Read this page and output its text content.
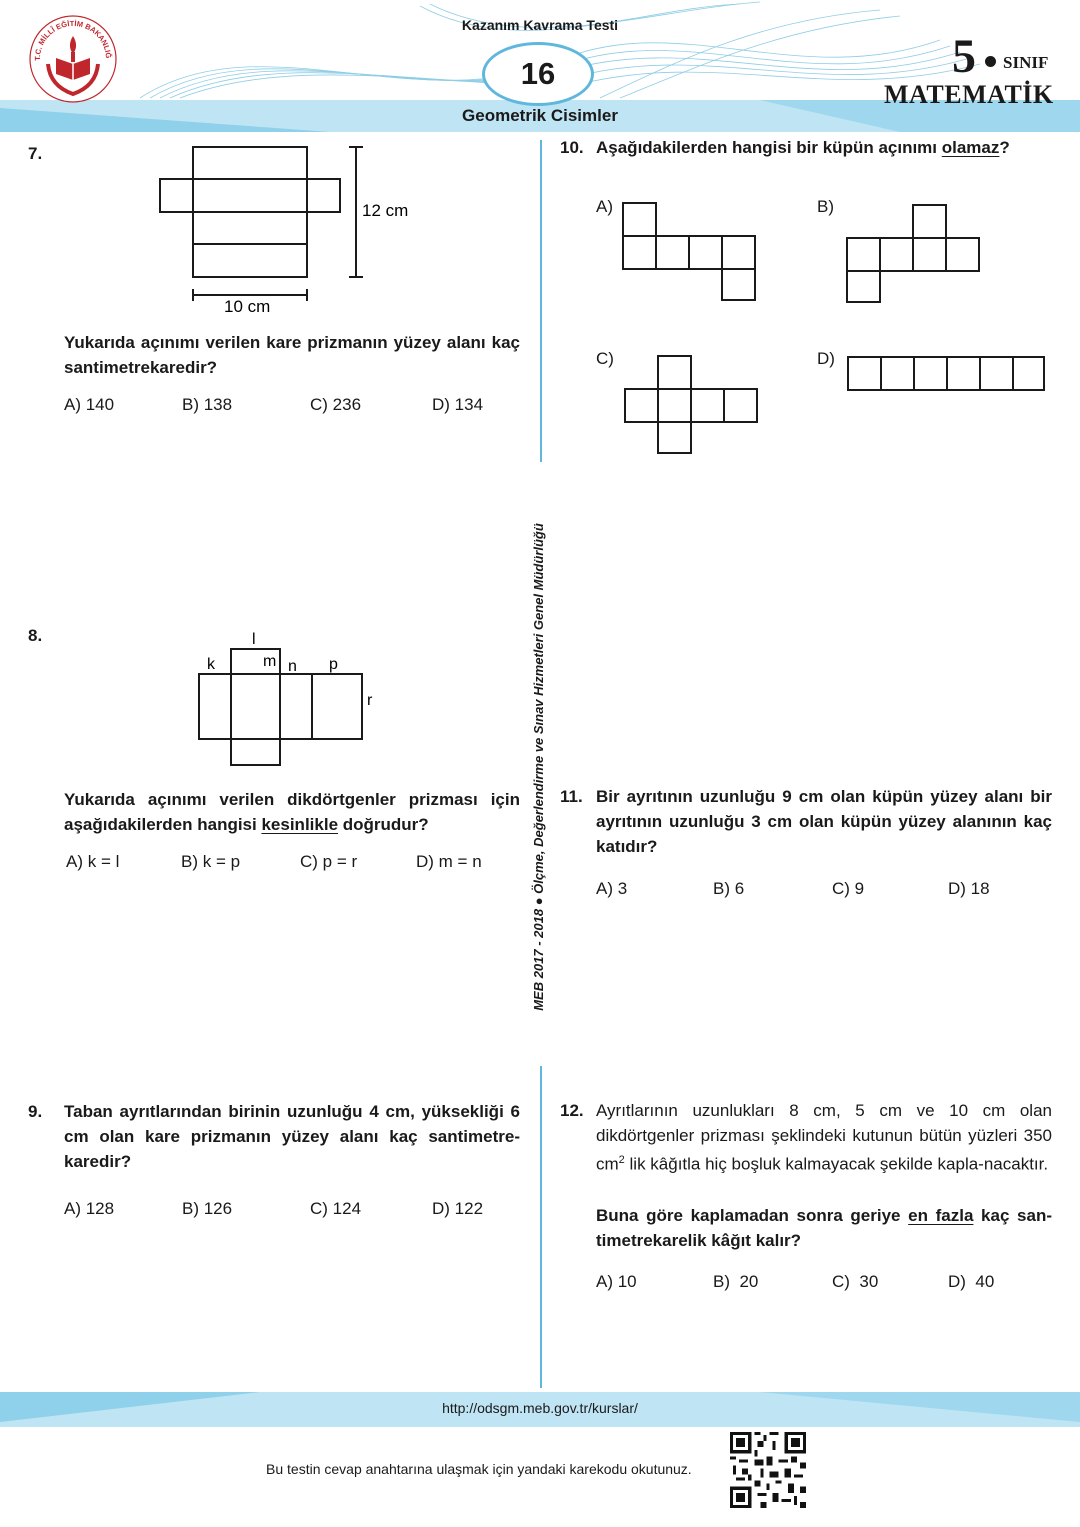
T.C. MİLLÎ EĞİTİM BAKANLIĞ
Kazanım Kavrama Testi
16
Geometrik Cisimler
5 SINIF
MATEMATİK
MEB 2017 - 2018 ● Ölçme, Değerlendirme ve Sınav Hizmetleri Genel Müdürlüğü
7.
12 cm
10 cm
Yukarıda açınımı verilen kare prizmanın yüzey alanı kaç santimetrekaredir?
A) 140	B) 138	C) 236	D) 134
8.	l
k	m n p
r
Yukarıda açınımı verilen dikdörtgenler prizması için aşağıdakilerden hangisi kesinlikle doğrudur?
A) k = l	B) k = p	C) p = r	D) m = n
9. Taban ayrıtlarından birinin uzunluğu 4 cm, yüksekliği 6 cm olan kare prizmanın yüzey alanı kaç santimetre-karedir?
A) 128	B) 126	C) 124	D) 122
10. Aşağıdakilerden hangisi bir küpün açınımı olamaz?
A)	B)
C)	D)
11. Bir ayrıtının uzunluğu 9 cm olan küpün yüzey alanı bir ayrıtının uzunluğu 3 cm olan küpün yüzey alanının kaç katıdır?
A) 3	B) 6	C) 9	D) 18
12. Ayrıtlarının uzunlukları 8 cm, 5 cm ve 10 cm olan dikdörtgenler prizması şeklindeki kutunun bütün yüzleri 350 $cm^2$ lik kâğıtla hiç boşluk kalmayacak şekilde kapla-nacaktır.
Buna göre kaplamadan sonra geriye en fazla kaç san-timetrekarelik kâğıt kalır?
A) 10	B)  20	C)  30	D)  40
http://odsgm.meb.gov.tr/kurslar/
Bu testin cevap anahtarına ulaşmak için yandaki karekodu okutunuz.
